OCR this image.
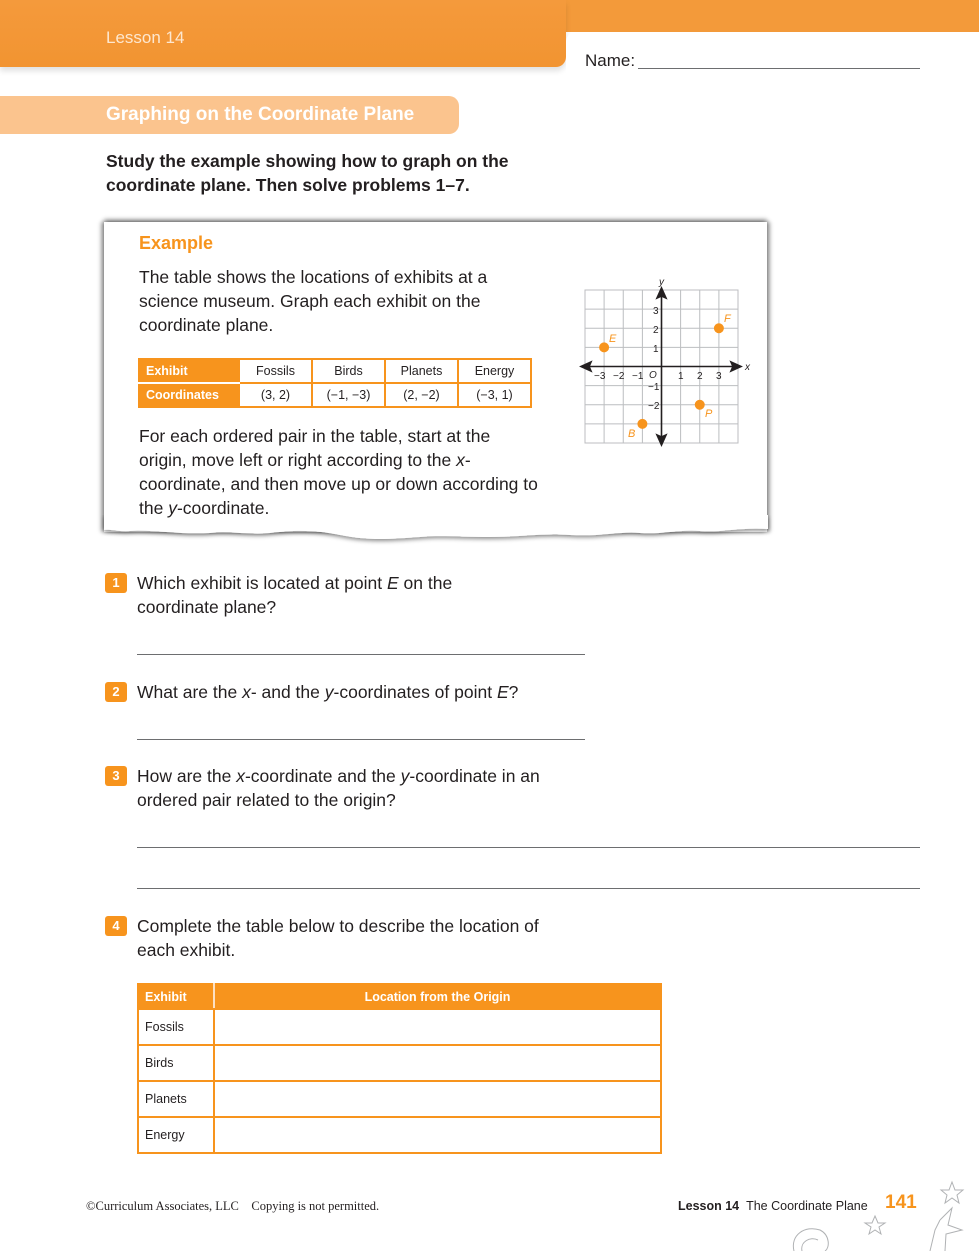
Lesson 14
Name:
Graphing on the Coordinate Plane
Study the example showing how to graph on the coordinate plane. Then solve problems 1–7.
Example
The table shows the locations of exhibits at a science museum. Graph each exhibit on the coordinate plane.
Exhibit	Fossils	Birds	Planets	Energy
Coordinates	(3, 2)	(−1, −3)	(2, −2)	(−3, 1)
For each ordered pair in the table, start at the origin, move left or right according to the x-coordinate, and then move up or down according to the y-coordinate.
x
y
O
−3 −2 −1	1 2 3
3
2
1
−1
−2
E
F
P
B
1 Which exhibit is located at point E on the coordinate plane?
2 What are the x- and the y-coordinates of point E?
3 How are the x-coordinate and the y-coordinate in an ordered pair related to the origin?
4 Complete the table below to describe the location of each exhibit.
Exhibit	Location from the Origin
Fossils	
Birds	
Planets	
Energy	
©Curriculum Associates, LLC    Copying is not permitted.	Lesson 14 The Coordinate Plane 141
